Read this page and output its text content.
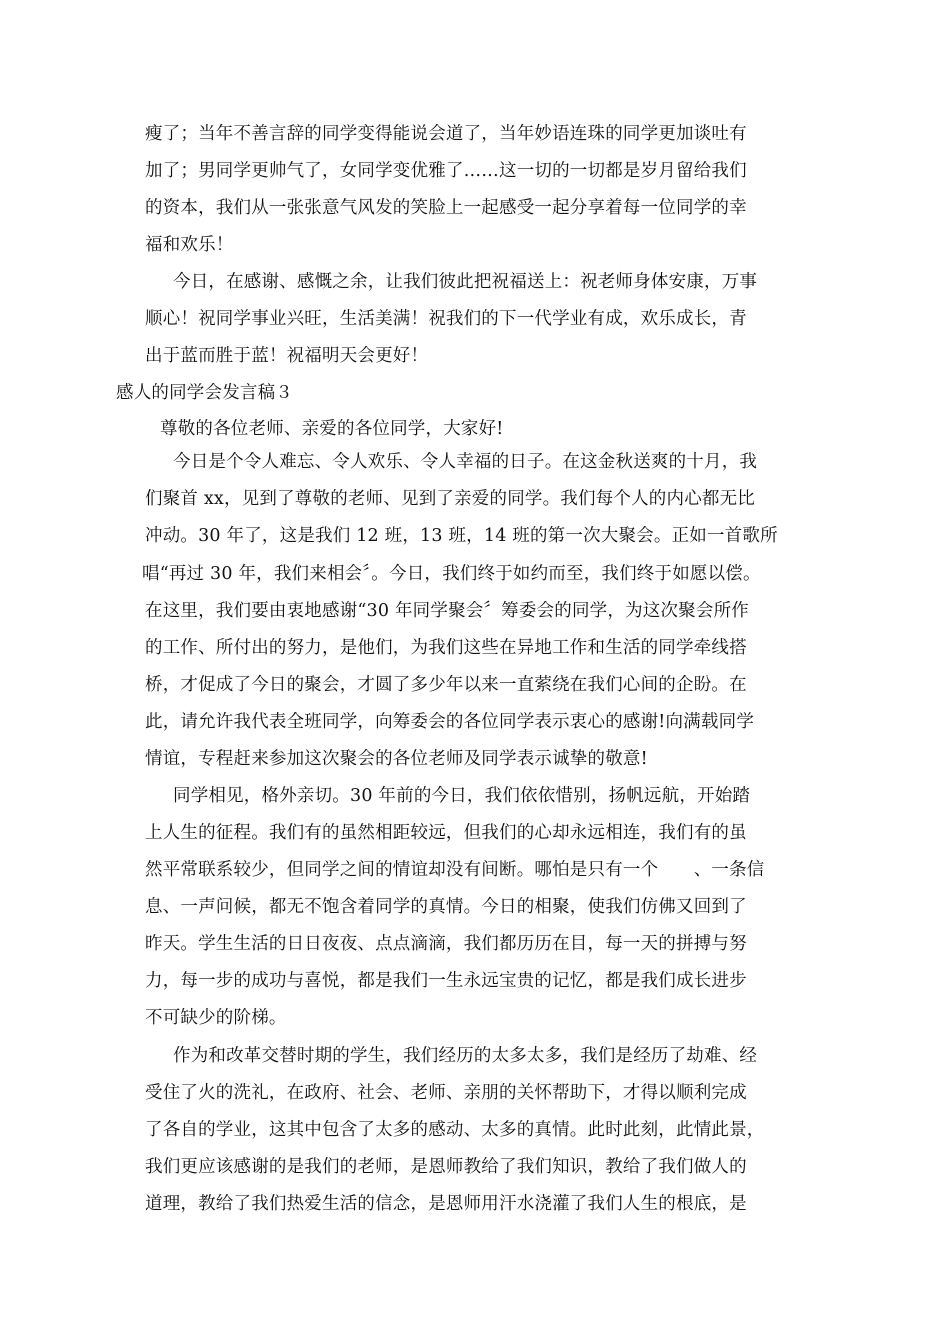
瘦了；当年不善言辞的同学变得能说会道了，当年妙语连珠的同学更加谈吐有
加了；男同学更帅气了，女同学变优雅了……这一切的一切都是岁月留给我们
的资本，我们从一张张意气风发的笑脸上一起感受一起分享着每一位同学的幸
福和欢乐！
今日，在感谢、感慨之余，让我们彼此把祝福送上：祝老师身体安康，万事
顺心！祝同学事业兴旺，生活美满！祝我们的下一代学业有成，欢乐成长，青
出于蓝而胜于蓝！祝福明天会更好！
感人的同学会发言稿３
尊敬的各位老师、亲爱的各位同学，大家好!
今日是个令人难忘、令人欢乐、令人幸福的日子。在这金秋送爽的十月，我
们聚首 xx，见到了尊敬的老师、见到了亲爱的同学。我们每个人的内心都无比
冲动。30 年了，这是我们 12 班，13 班，14 班的第一次大聚会。正如一首歌所
唱“再过 30 年，我们来相会〞。今日，我们终于如约而至，我们终于如愿以偿。
在这里，我们要由衷地感谢“30 年同学聚会〞筹委会的同学，为这次聚会所作
的工作、所付出的努力，是他们，为我们这些在异地工作和生活的同学牵线搭
桥，才促成了今日的聚会，才圆了多少年以来一直萦绕在我们心间的企盼。在
此，请允许我代表全班同学，向筹委会的各位同学表示衷心的感谢!向满载同学
情谊，专程赶来参加这次聚会的各位老师及同学表示诚挚的敬意!
同学相见，格外亲切。30 年前的今日，我们依依惜别，扬帆远航，开始踏
上人生的征程。我们有的虽然相距较远，但我们的心却永远相连，我们有的虽
然平常联系较少，但同学之间的情谊却没有间断。哪怕是只有一个　　、一条信
息、一声问候，都无不饱含着同学的真情。今日的相聚，使我们仿佛又回到了
昨天。学生生活的日日夜夜、点点滴滴，我们都历历在目，每一天的拼搏与努
力，每一步的成功与喜悦，都是我们一生永远宝贵的记忆，都是我们成长进步
不可缺少的阶梯。
作为和改革交替时期的学生，我们经历的太多太多，我们是经历了劫难、经
受住了火的洗礼，在政府、社会、老师、亲朋的关怀帮助下，才得以顺利完成
了各自的学业，这其中包含了太多的感动、太多的真情。此时此刻，此情此景，
我们更应该感谢的是我们的老师，是恩师教给了我们知识，教给了我们做人的
道理，教给了我们热爱生活的信念，是恩师用汗水浇灌了我们人生的根底，是
